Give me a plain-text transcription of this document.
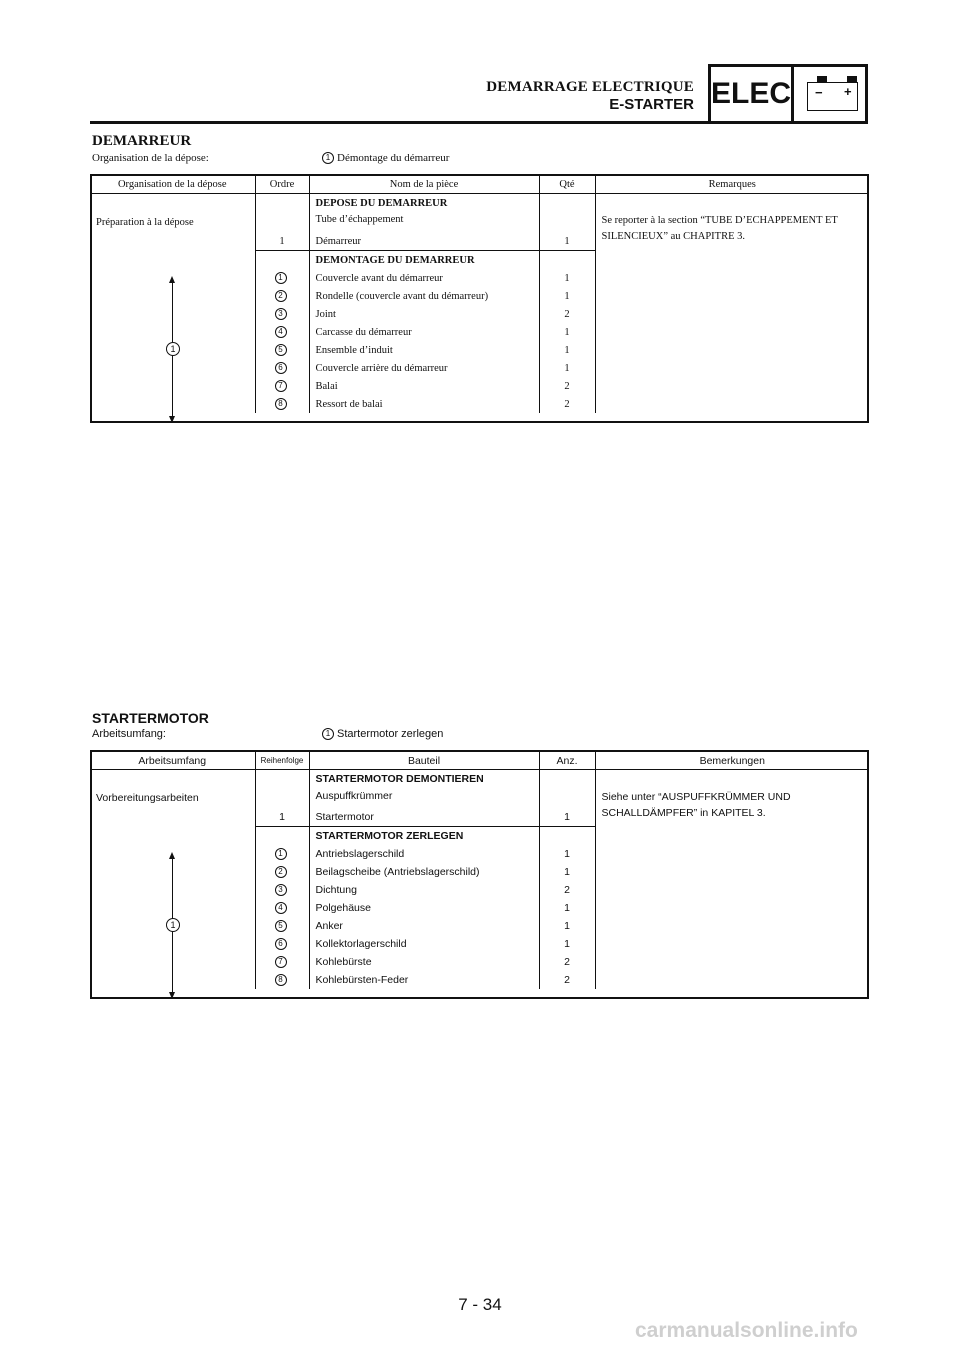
DEMARRAGE ELECTRIQUE
E-STARTER ELEC − +
DEMARREUR
Organisation de la dépose:	1 Démontage du démarreur
Organisation de la dépose	Ordre	Nom de la pièce	Qté	Remarques
Préparation à la dépose		DEPOSE DU DEMARREUR		
		Tube d’échappement		Se reporter à la section “TUBE D’ECHAPPEMENT ET SILENCIEUX” au CHAPITRE 3.
	1	Démarreur	1	
		DEMONTAGE DU DEMARREUR		
	1	Couvercle avant du démarreur	1	
	2	Rondelle (couvercle avant du démarreur)	1	
	3	Joint	2	
	4	Carcasse du démarreur	1	
	5	Ensemble d’induit	1	
	6	Couvercle arrière du démarreur	1	
	7	Balai	2	
	8	Ressort de balai	2	
1
STARTERMOTOR
Arbeitsumfang:	1 Startermotor zerlegen
Arbeitsumfang	Reihenfolge	Bauteil	Anz.	Bemerkungen
Vorbereitungsarbeiten		STARTERMOTOR DEMONTIEREN		
		Auspuffkrümmer		Siehe unter “AUSPUFFKRÜMMER UND SCHALLDÄMPFER” in KAPITEL 3.
	1	Startermotor	1	
		STARTERMOTOR ZERLEGEN		
	1	Antriebslagerschild	1	
	2	Beilagscheibe (Antriebslagerschild)	1	
	3	Dichtung	2	
	4	Polgehäuse	1	
	5	Anker	1	
	6	Kollektorlagerschild	1	
	7	Kohlebürste	2	
	8	Kohlebürsten-Feder	2	
1
7 - 34
carmanualsonline.info
